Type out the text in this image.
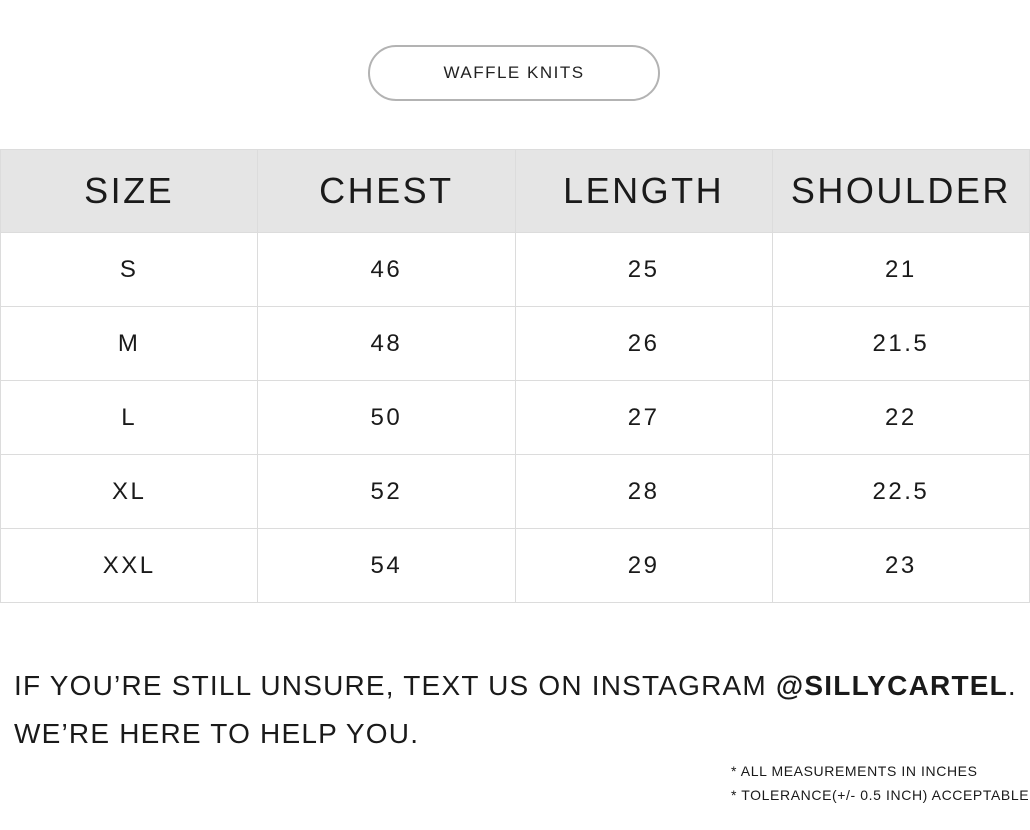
WAFFLE KNITS
SIZE	CHEST	LENGTH	SHOULDER
S	46	25	21
M	48	26	21.5
L	50	27	22
XL	52	28	22.5
XXL	54	29	23
IF YOU’RE STILL UNSURE, TEXT US ON INSTAGRAM @SILLYCARTEL.
WE’RE HERE TO HELP YOU.
* ALL MEASUREMENTS IN INCHES
* TOLERANCE(+/- 0.5 INCH) ACCEPTABLE
